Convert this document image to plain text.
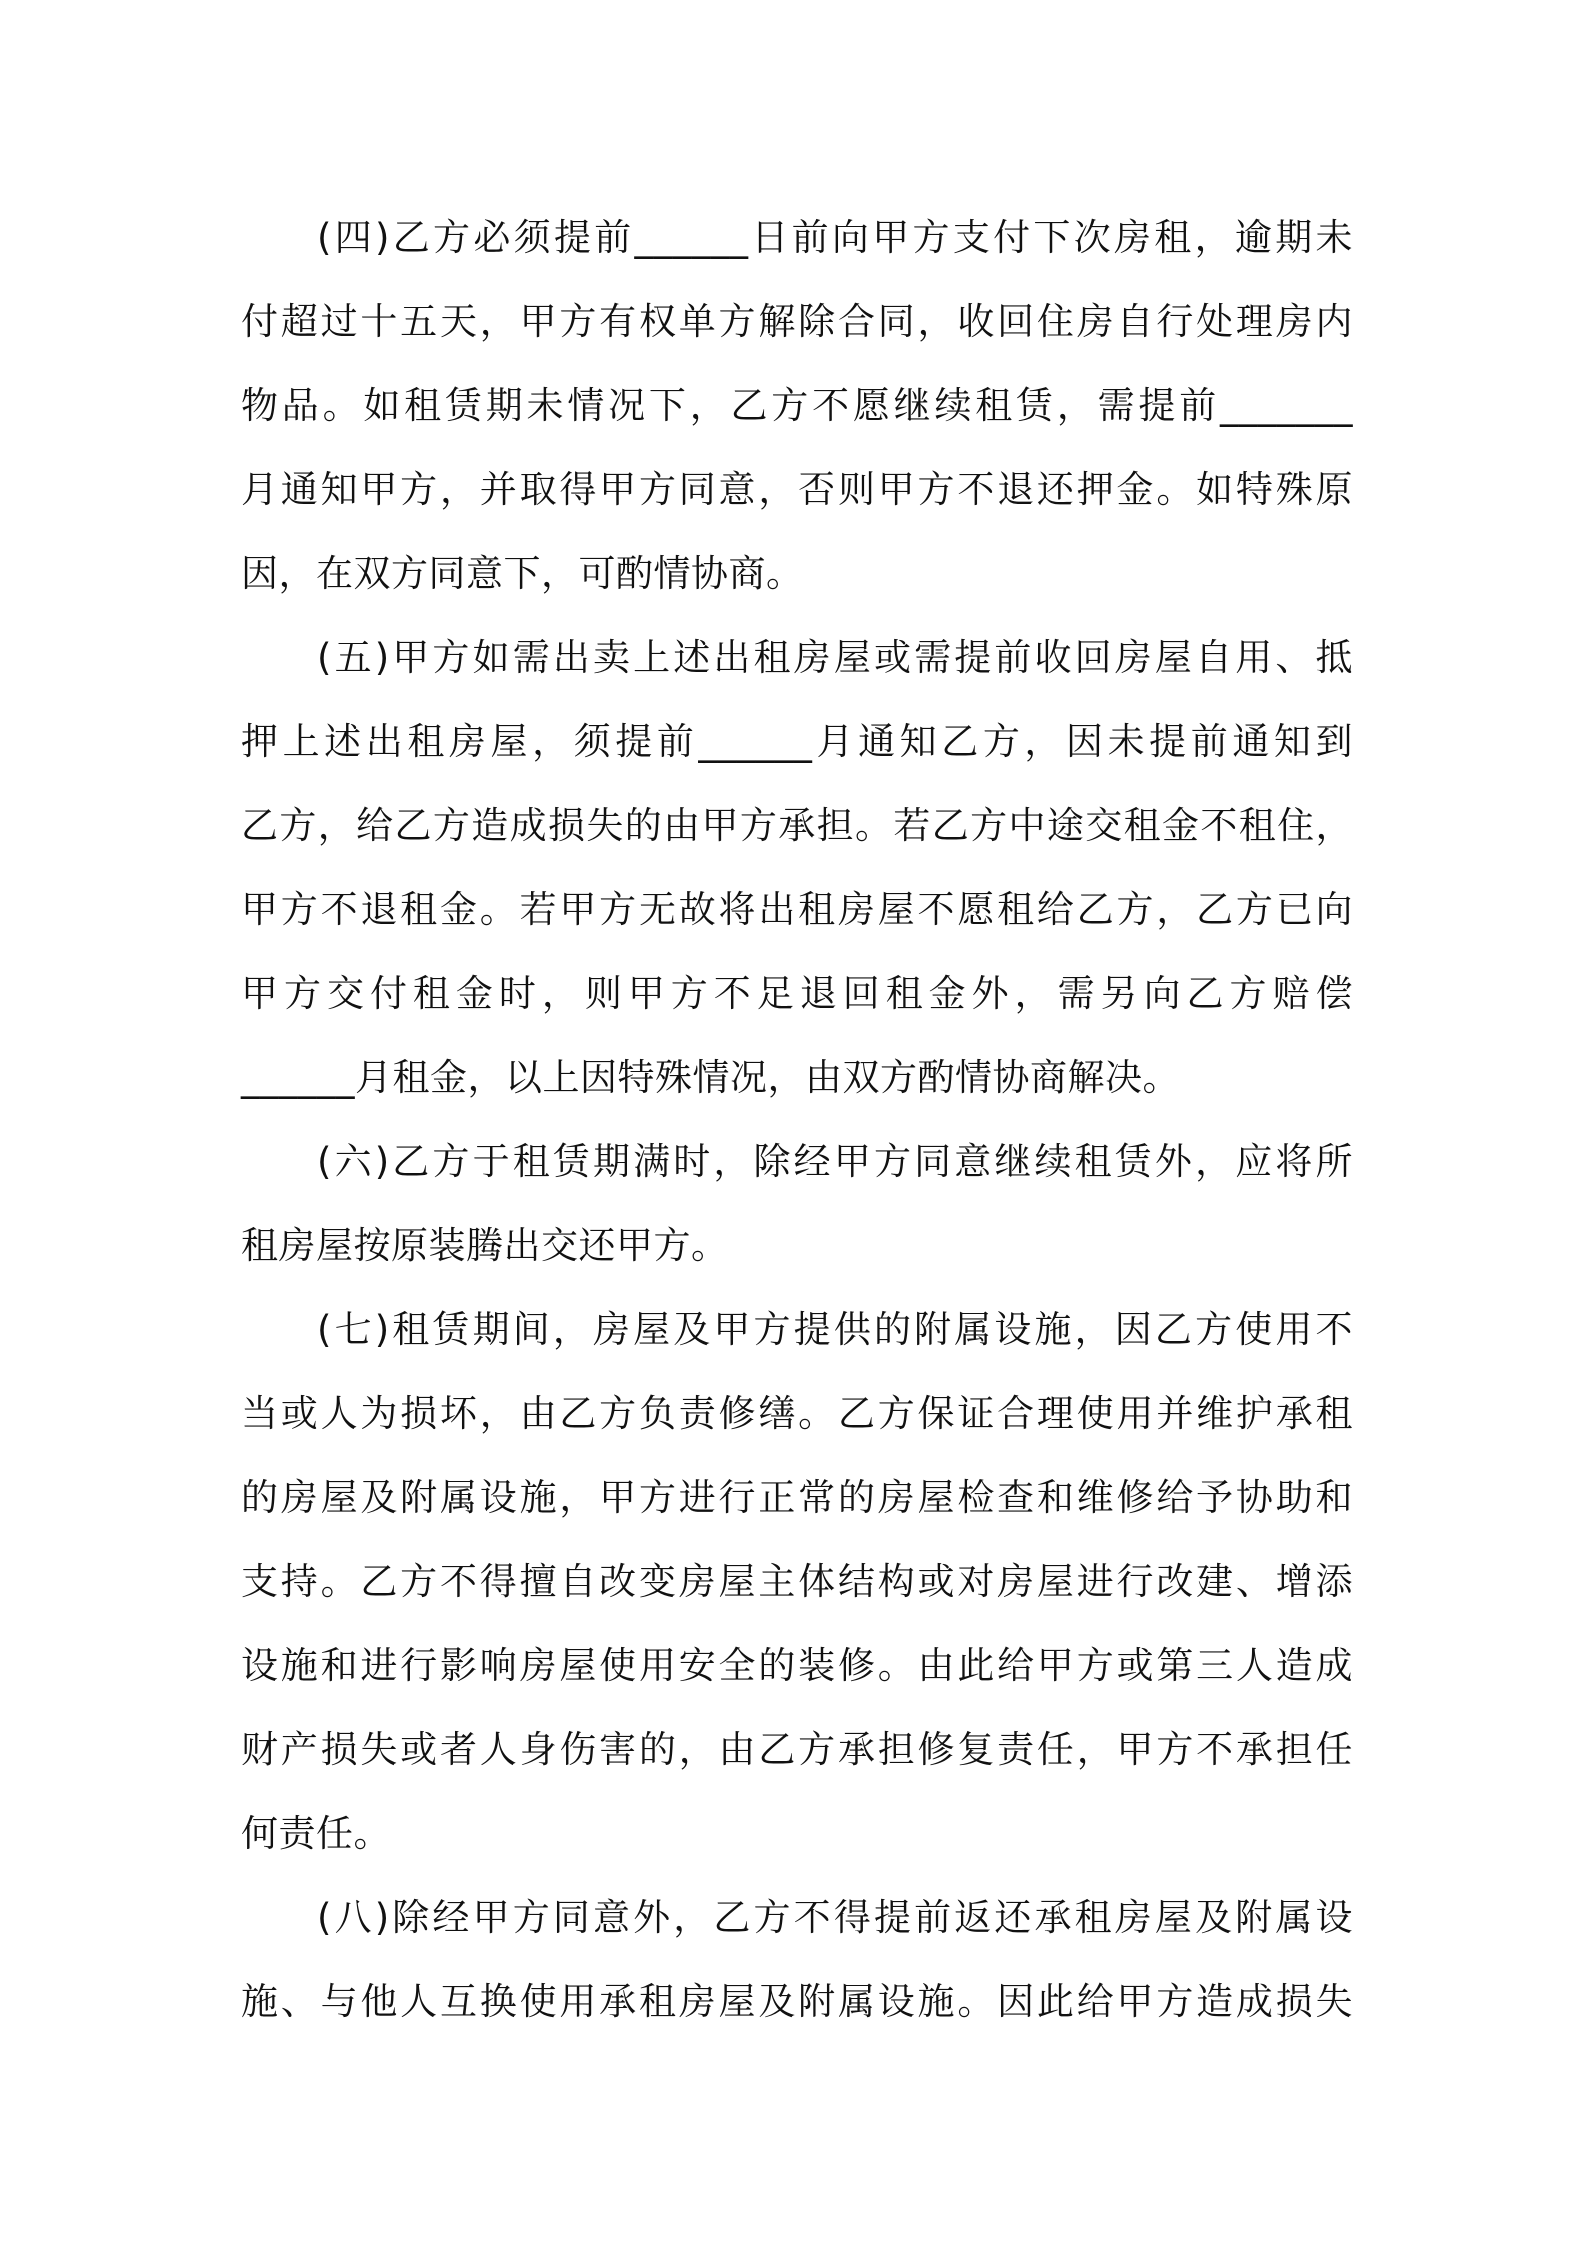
(四)乙方必须提前______日前向甲方支付下次房租，逾期未
付超过十五天，甲方有权单方解除合同，收回住房自行处理房内
物品。如租赁期未情况下，乙方不愿继续租赁，需提前_______
月通知甲方，并取得甲方同意，否则甲方不退还押金。如特殊原
因，在双方同意下，可酌情协商。
(五)甲方如需出卖上述出租房屋或需提前收回房屋自用、抵
押上述出租房屋，须提前______月通知乙方，因未提前通知到
乙方，给乙方造成损失的由甲方承担。若乙方中途交租金不租住，
甲方不退租金。若甲方无故将出租房屋不愿租给乙方，乙方已向
甲方交付租金时，则甲方不足退回租金外，需另向乙方赔偿
______月租金，以上因特殊情况，由双方酌情协商解决。
(六)乙方于租赁期满时，除经甲方同意继续租赁外，应将所
租房屋按原装腾出交还甲方。
(七)租赁期间，房屋及甲方提供的附属设施，因乙方使用不
当或人为损坏，由乙方负责修缮。乙方保证合理使用并维护承租
的房屋及附属设施，甲方进行正常的房屋检查和维修给予协助和
支持。乙方不得擅自改变房屋主体结构或对房屋进行改建、增添
设施和进行影响房屋使用安全的装修。由此给甲方或第三人造成
财产损失或者人身伤害的，由乙方承担修复责任，甲方不承担任
何责任。
(八)除经甲方同意外，乙方不得提前返还承租房屋及附属设
施、与他人互换使用承租房屋及附属设施。因此给甲方造成损失
